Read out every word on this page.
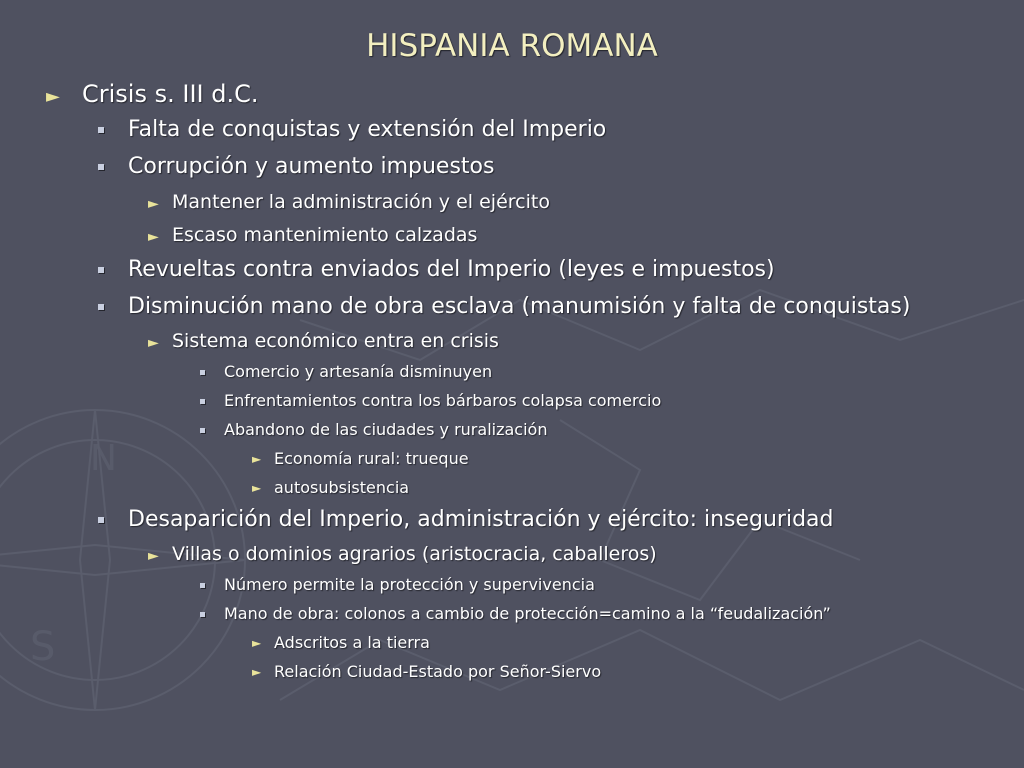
S
N
HISPANIA ROMANA
► Crisis s. III d.C.
Falta de conquistas y extensión del Imperio
Corrupción y aumento impuestos
► Mantener la administración y el ejército
► Escaso mantenimiento calzadas
Revueltas contra enviados del Imperio (leyes e impuestos)
Disminución mano de obra esclava (manumisión y falta de conquistas)
► Sistema económico entra en crisis
Comercio y artesanía disminuyen
Enfrentamientos contra los bárbaros colapsa comercio
Abandono de las ciudades y ruralización
► Economía rural: trueque
► autosubsistencia
Desaparición del Imperio, administración y ejército: inseguridad
► Villas o dominios agrarios (aristocracia, caballeros)
Número permite la protección y supervivencia
Mano de obra: colonos a cambio de protección=camino a la “feudalización”
► Adscritos a la tierra
► Relación Ciudad-Estado por Señor-Siervo
